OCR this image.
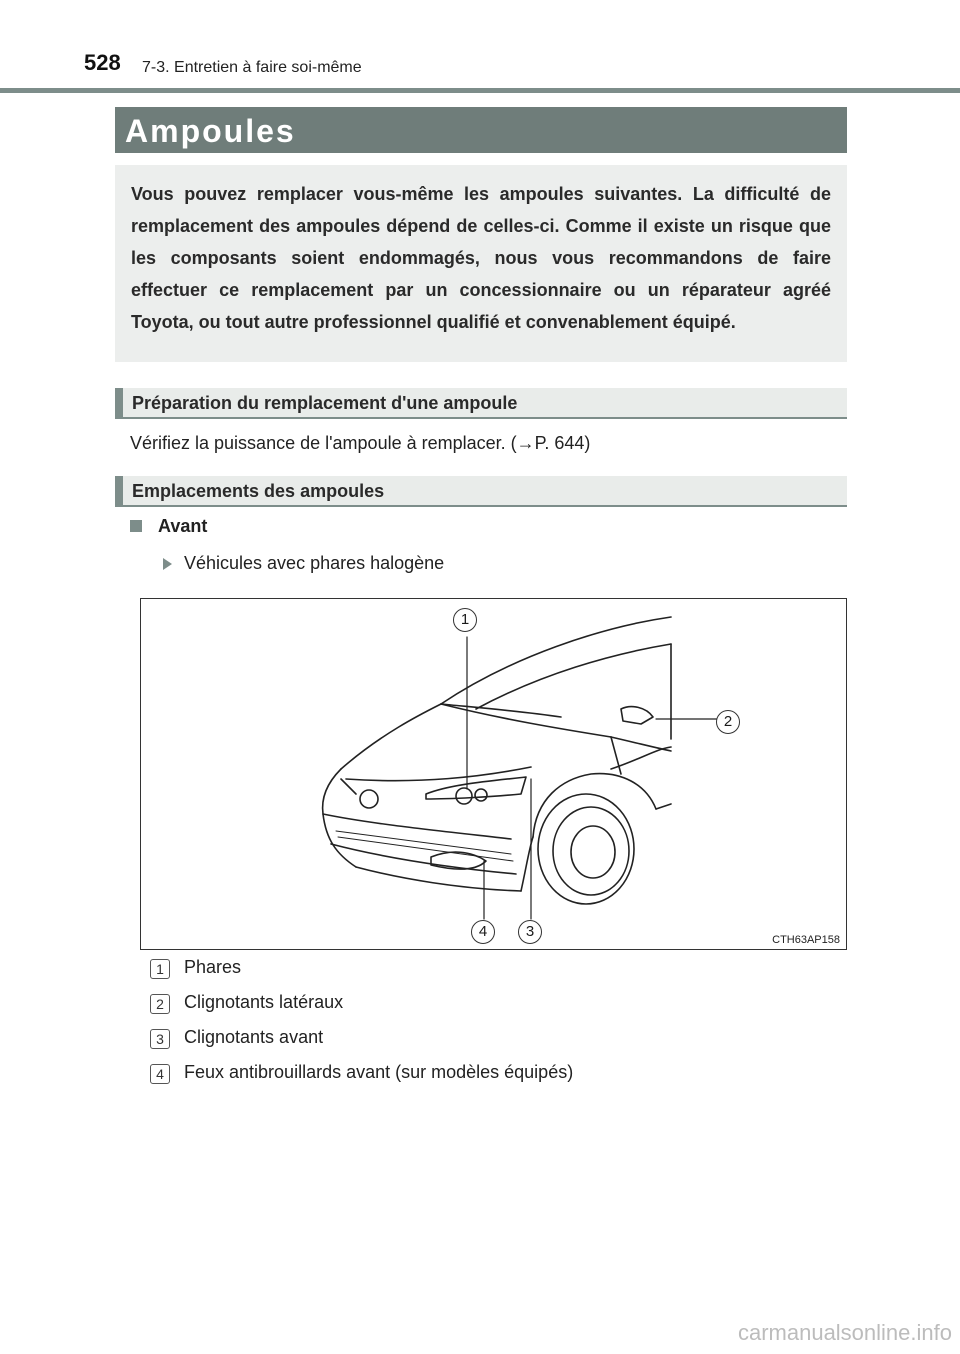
528 7-3. Entretien à faire soi-même
Ampoules

Vous pouvez remplacer vous-même les ampoules suivantes. La difficulté de remplacement des ampoules dépend de celles-ci. Comme il existe un risque que les composants soient endommagés, nous vous recommandons de faire effectuer ce remplacement par un concessionnaire ou un réparateur agréé Toyota, ou tout autre professionnel qualifié et convenablement équipé.

Préparation du remplacement d'une ampoule
Vérifiez la puissance de l'ampoule à remplacer. (→P. 644)
Emplacements des ampoules
Avant
Véhicules avec phares halogène
CTH63AP158
1
2
3
4
1	Phares
2	Clignotants latéraux
3	Clignotants avant
4	Feux antibrouillards avant (sur modèles équipés)
carmanualsonline.info
